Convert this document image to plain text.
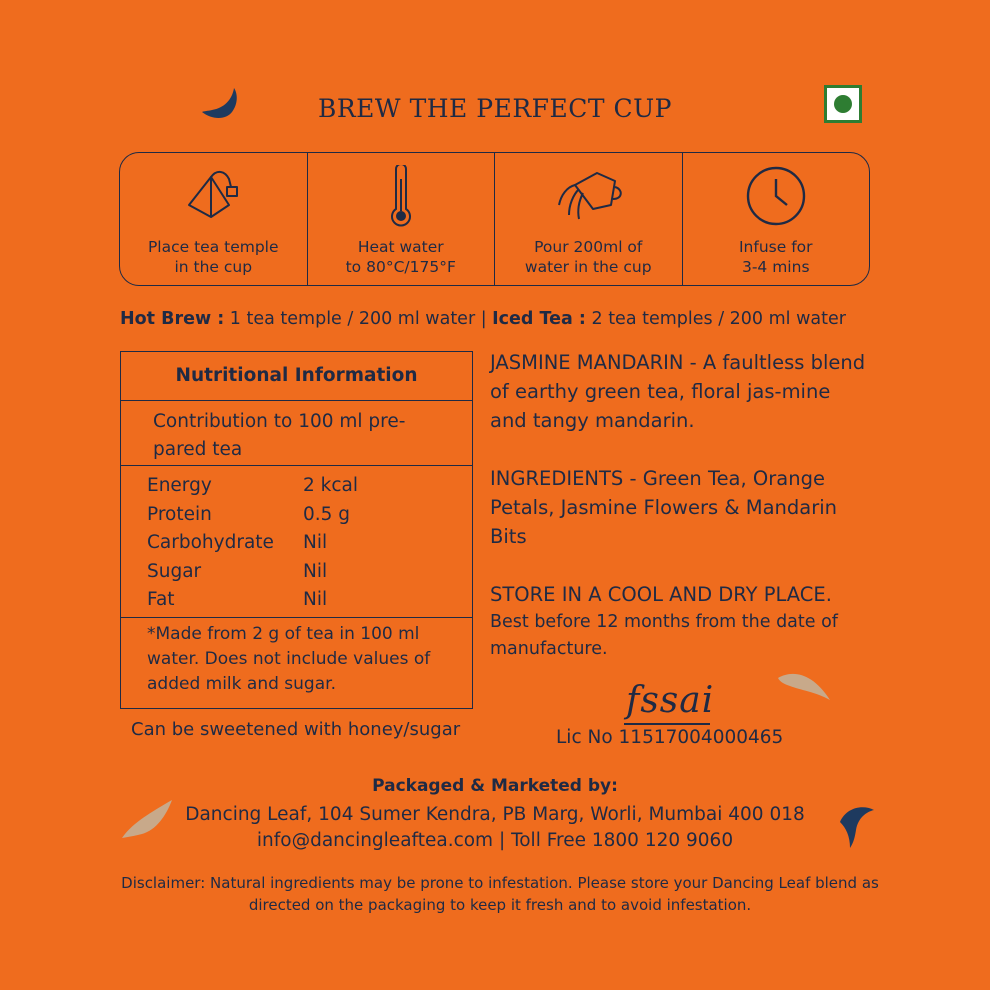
BREW THE PERFECT CUP
Place tea temple
in the cup
Heat water
to 80°C/175°F
Pour 200ml of
water in the cup
Infuse for
3-4 mins
Hot Brew : 1 tea temple / 200 ml water | Iced Tea : 2 tea temples / 200 ml water
Nutritional Information
Contribution to 100 ml pre-
pared tea
Energy	2 kcal
Protein	0.5 g
Carbohydrate	Nil
Sugar	Nil
Fat	Nil
*Made from 2 g of tea in 100 ml water. Does not include values of added milk and sugar.
Can be sweetened with honey/sugar

JASMINE MANDARIN - A faultless blend of earthy green tea, floral jas-mine and tangy mandarin.

INGREDIENTS - Green Tea, Orange Petals, Jasmine Flowers & Mandarin Bits

STORE IN A COOL AND DRY PLACE.
Best before 12 months from the date of manufacture.
fssai
Lic No 11517004000465
Packaged & Marketed by:
Dancing Leaf, 104 Sumer Kendra, PB Marg, Worli, Mumbai 400 018
info@dancingleaftea.com | Toll Free 1800 120 9060
Disclaimer: Natural ingredients may be prone to infestation. Please store your Dancing Leaf blend as directed on the packaging to keep it fresh and to avoid infestation.
